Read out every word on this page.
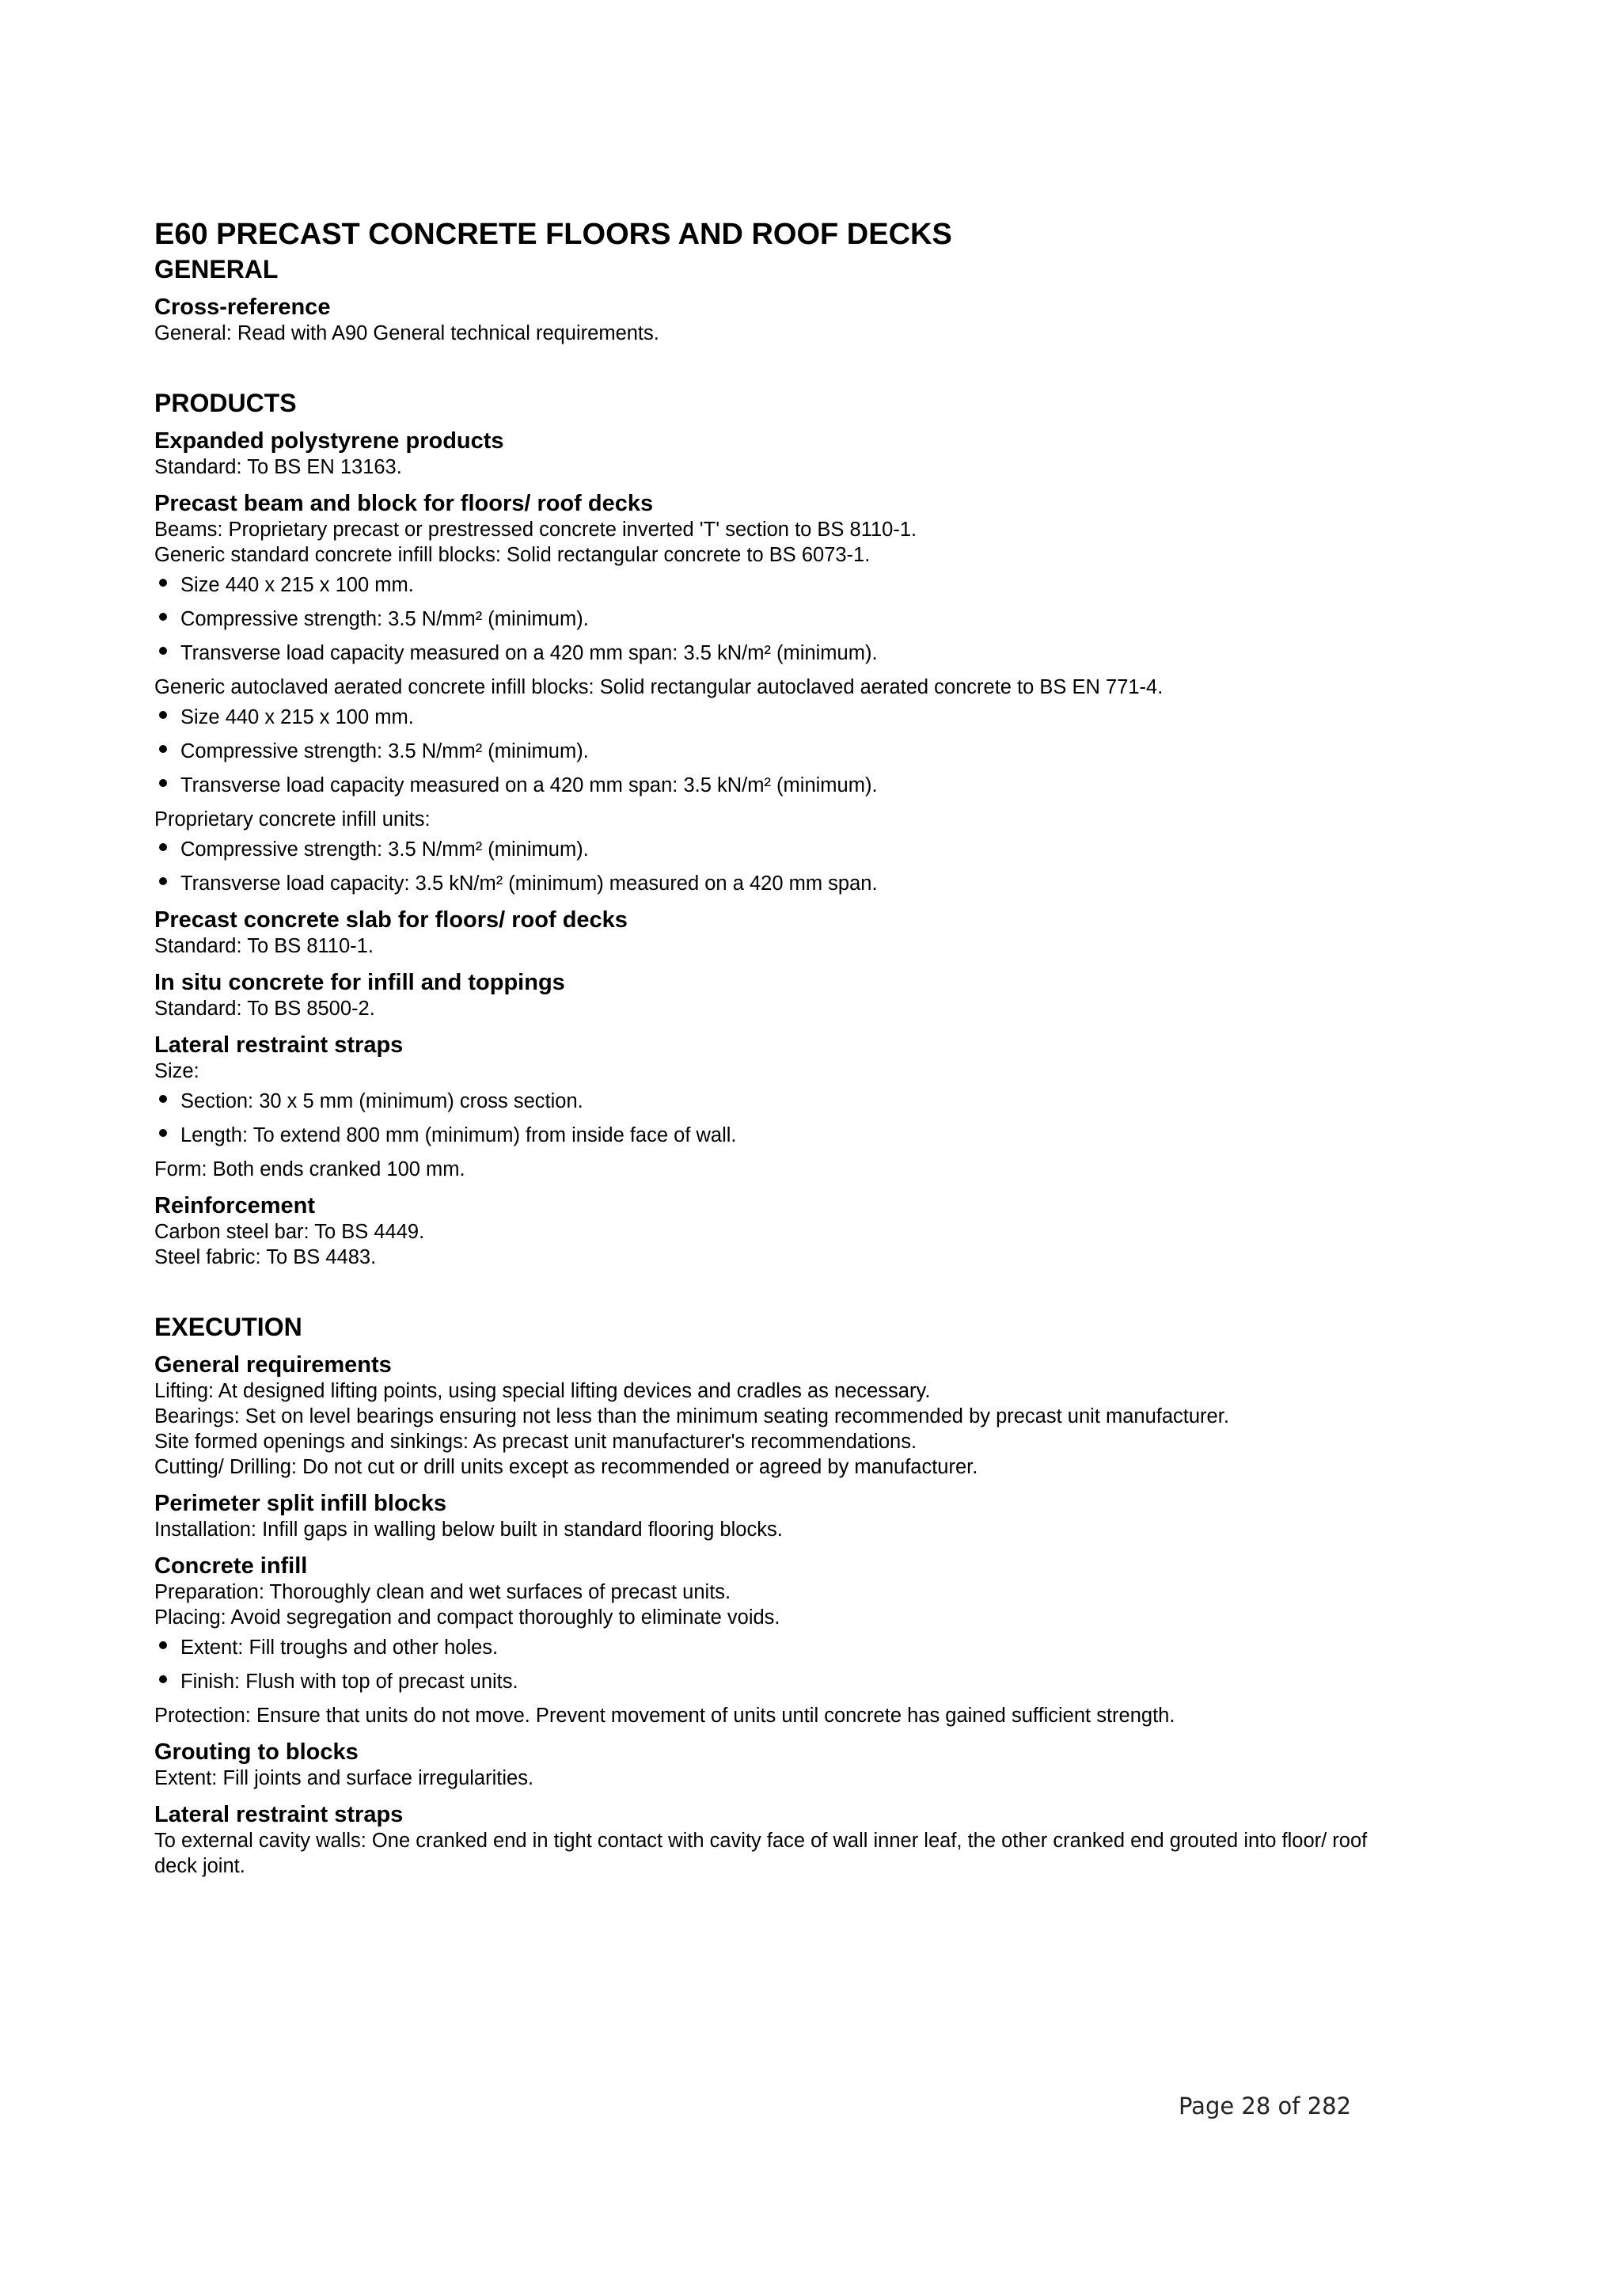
E60 PRECAST CONCRETE FLOORS AND ROOF DECKS
GENERAL
Cross-reference

General: Read with A90 General technical requirements.

PRODUCTS
Expanded polystyrene products

Standard: To BS EN 13163.

Precast beam and block for floors/ roof decks

Beams: Proprietary precast or prestressed concrete inverted 'T' section to BS 8110-1.

Generic standard concrete infill blocks: Solid rectangular concrete to BS 6073-1.

Size 440 x 215 x 100 mm.
Compressive strength: 3.5 N/mm² (minimum).
Transverse load capacity measured on a 420 mm span: 3.5 kN/m² (minimum).

Generic autoclaved aerated concrete infill blocks: Solid rectangular autoclaved aerated concrete to BS EN 771-4.

Size 440 x 215 x 100 mm.
Compressive strength: 3.5 N/mm² (minimum).
Transverse load capacity measured on a 420 mm span: 3.5 kN/m² (minimum).

Proprietary concrete infill units:

Compressive strength: 3.5 N/mm² (minimum).
Transverse load capacity: 3.5 kN/m² (minimum) measured on a 420 mm span.
Precast concrete slab for floors/ roof decks

Standard: To BS 8110-1.

In situ concrete for infill and toppings

Standard: To BS 8500-2.

Lateral restraint straps

Size:

Section: 30 x 5 mm (minimum) cross section.
Length: To extend 800 mm (minimum) from inside face of wall.

Form: Both ends cranked 100 mm.

Reinforcement

Carbon steel bar: To BS 4449.

Steel fabric: To BS 4483.

EXECUTION
General requirements

Lifting: At designed lifting points, using special lifting devices and cradles as necessary.

Bearings: Set on level bearings ensuring not less than the minimum seating recommended by precast unit manufacturer.

Site formed openings and sinkings: As precast unit manufacturer's recommendations.

Cutting/ Drilling: Do not cut or drill units except as recommended or agreed by manufacturer.

Perimeter split infill blocks

Installation: Infill gaps in walling below built in standard flooring blocks.

Concrete infill

Preparation: Thoroughly clean and wet surfaces of precast units.

Placing: Avoid segregation and compact thoroughly to eliminate voids.

Extent: Fill troughs and other holes.
Finish: Flush with top of precast units.

Protection: Ensure that units do not move. Prevent movement of units until concrete has gained sufficient strength.

Grouting to blocks

Extent: Fill joints and surface irregularities.

Lateral restraint straps

To external cavity walls: One cranked end in tight contact with cavity face of wall inner leaf, the other cranked end grouted into floor/ roof deck joint.

Page 28 of 282
